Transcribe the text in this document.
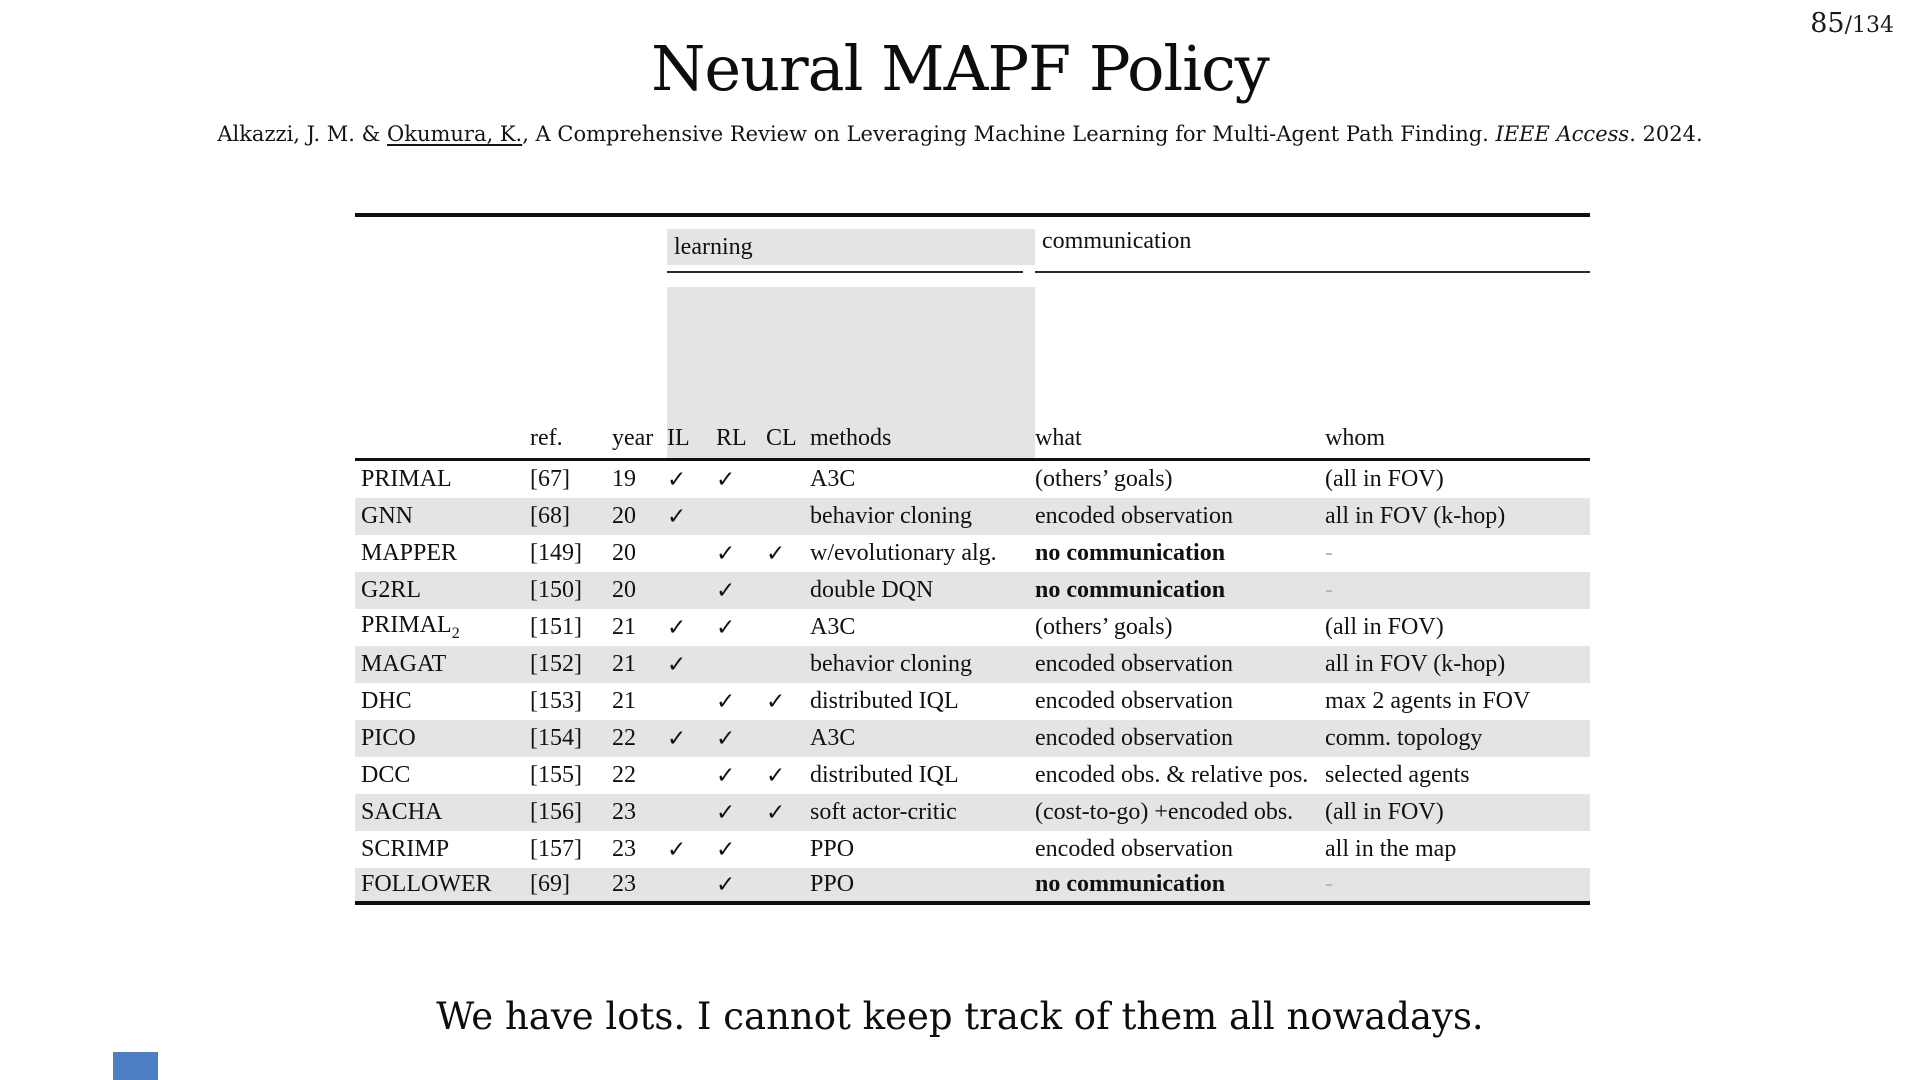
85/134
Neural MAPF Policy

Alkazzi, J. M. & Okumura, K., A Comprehensive Review on Leveraging Machine Learning for Multi-Agent Path Finding. IEEE Access. 2024.

			learning				communication	

	ref.	year	IL	RL	CL	methods	what	whom
PRIMAL	[67]	19	✓	✓		A3C	(others’ goals)	(all in FOV)
GNN	[68]	20	✓			behavior cloning	encoded observation	all in FOV (k-hop)
MAPPER	[149]	20		✓	✓	w/evolutionary alg.	no communication	-
G2RL	[150]	20		✓		double DQN	no communication	-
$PRIMAL_2$	[151]	21	✓	✓		A3C	(others’ goals)	(all in FOV)
MAGAT	[152]	21	✓			behavior cloning	encoded observation	all in FOV (k-hop)
DHC	[153]	21		✓	✓	distributed IQL	encoded observation	max 2 agents in FOV
PICO	[154]	22	✓	✓		A3C	encoded observation	comm. topology
DCC	[155]	22		✓	✓	distributed IQL	encoded obs. & relative pos.	selected agents
SACHA	[156]	23		✓	✓	soft actor-critic	(cost-to-go) +encoded obs.	(all in FOV)
SCRIMP	[157]	23	✓	✓		PPO	encoded observation	all in the map
FOLLOWER	[69]	23		✓		PPO	no communication	-

We have lots. I cannot keep track of them all nowadays.
